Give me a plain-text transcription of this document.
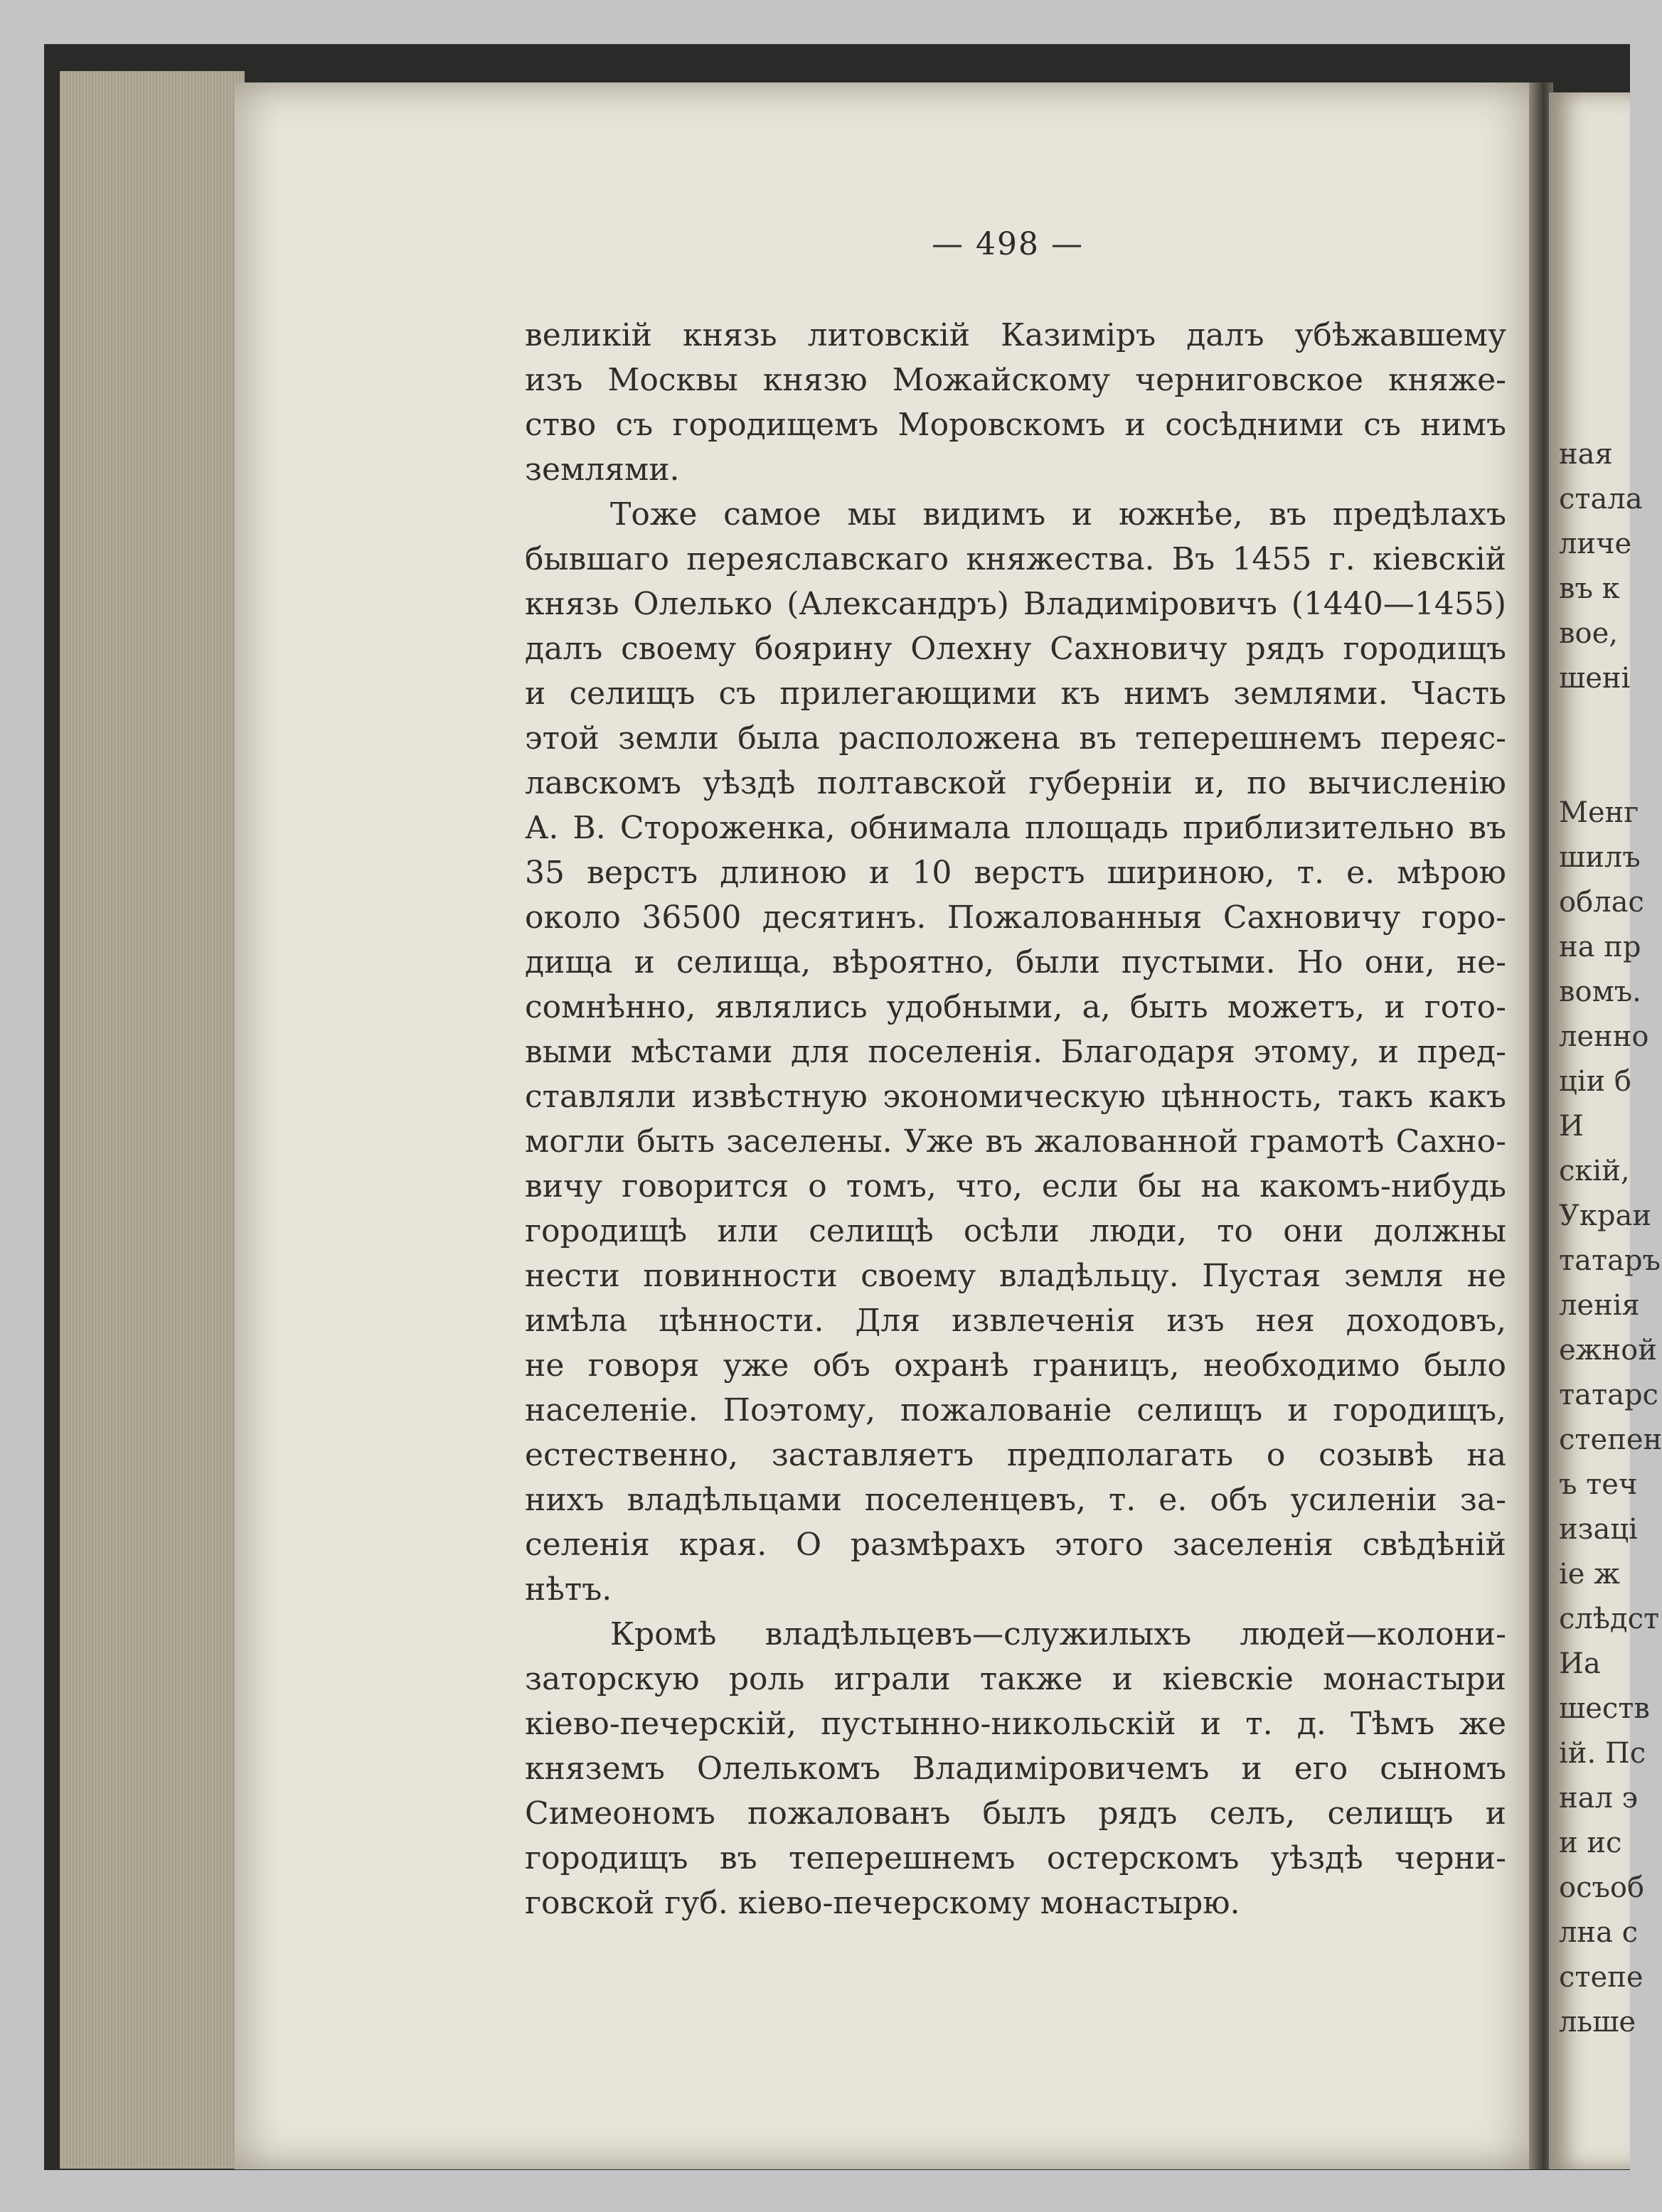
ная
стала
личе
въ к
вое,
шені
Менг
шилъ
облас
на пр
вомъ.
ленно
ціи б
И
скій,
Украи
татаръ
ленія
ежной
татарс
степен
ъ теч
изаці
іе ж
слѣдст
Иа
шеств
ій. Пс
нал э
и ис
осъоб
лна с
степе
льше
— 498 —
великій князь литовскій Казиміръ далъ убѣжавшему
изъ Москвы князю Можайскому черниговское княже-
ство съ городищемъ Моровскомъ и сосѣдними съ нимъ
землями.
Тоже самое мы видимъ и южнѣе, въ предѣлахъ
бывшаго переяславскаго княжества. Въ 1455 г. кіевскій
князь Олелько (Александръ) Владиміровичъ (1440—1455)
далъ своему боярину Олехну Сахновичу рядъ городищъ
и селищъ съ прилегающими къ нимъ землями. Часть
этой земли была расположена въ теперешнемъ переяс-
лавскомъ уѣздѣ полтавской губерніи и, по вычисленію
А. В. Стороженка, обнимала площадь приблизительно въ
35 верстъ длиною и 10 верстъ шириною, т. е. мѣрою
около 36500 десятинъ. Пожалованныя Сахновичу горо-
дища и селища, вѣроятно, были пустыми. Но они, не-
сомнѣнно, являлись удобными, а, быть можетъ, и гото-
выми мѣстами для поселенія. Благодаря этому, и пред-
ставляли извѣстную экономическую цѣнность, такъ какъ
могли быть заселены. Уже въ жалованной грамотѣ Сахно-
вичу говорится о томъ, что, если бы на какомъ-нибудь
городищѣ или селищѣ осѣли люди, то они должны
нести повинности своему владѣльцу. Пустая земля не
имѣла цѣнности. Для извлеченія изъ нея доходовъ,
не говоря уже объ охранѣ границъ, необходимо было
населеніе. Поэтому, пожалованіе селищъ и городищъ,
естественно, заставляетъ предполагать о созывѣ на
нихъ владѣльцами поселенцевъ, т. е. объ усиленіи за-
селенія края. О размѣрахъ этого заселенія свѣдѣній
нѣтъ.
Кромѣ владѣльцевъ—служилыхъ людей—колони-
заторскую роль играли также и кіевскіе монастыри
кіево-печерскій, пустынно-никольскій и т. д. Тѣмъ же
княземъ Олелькомъ Владиміровичемъ и его сыномъ
Симеономъ пожалованъ былъ рядъ селъ, селищъ и
городищъ въ теперешнемъ остерскомъ уѣздѣ черни-
говской губ. кіево-печерскому монастырю.
